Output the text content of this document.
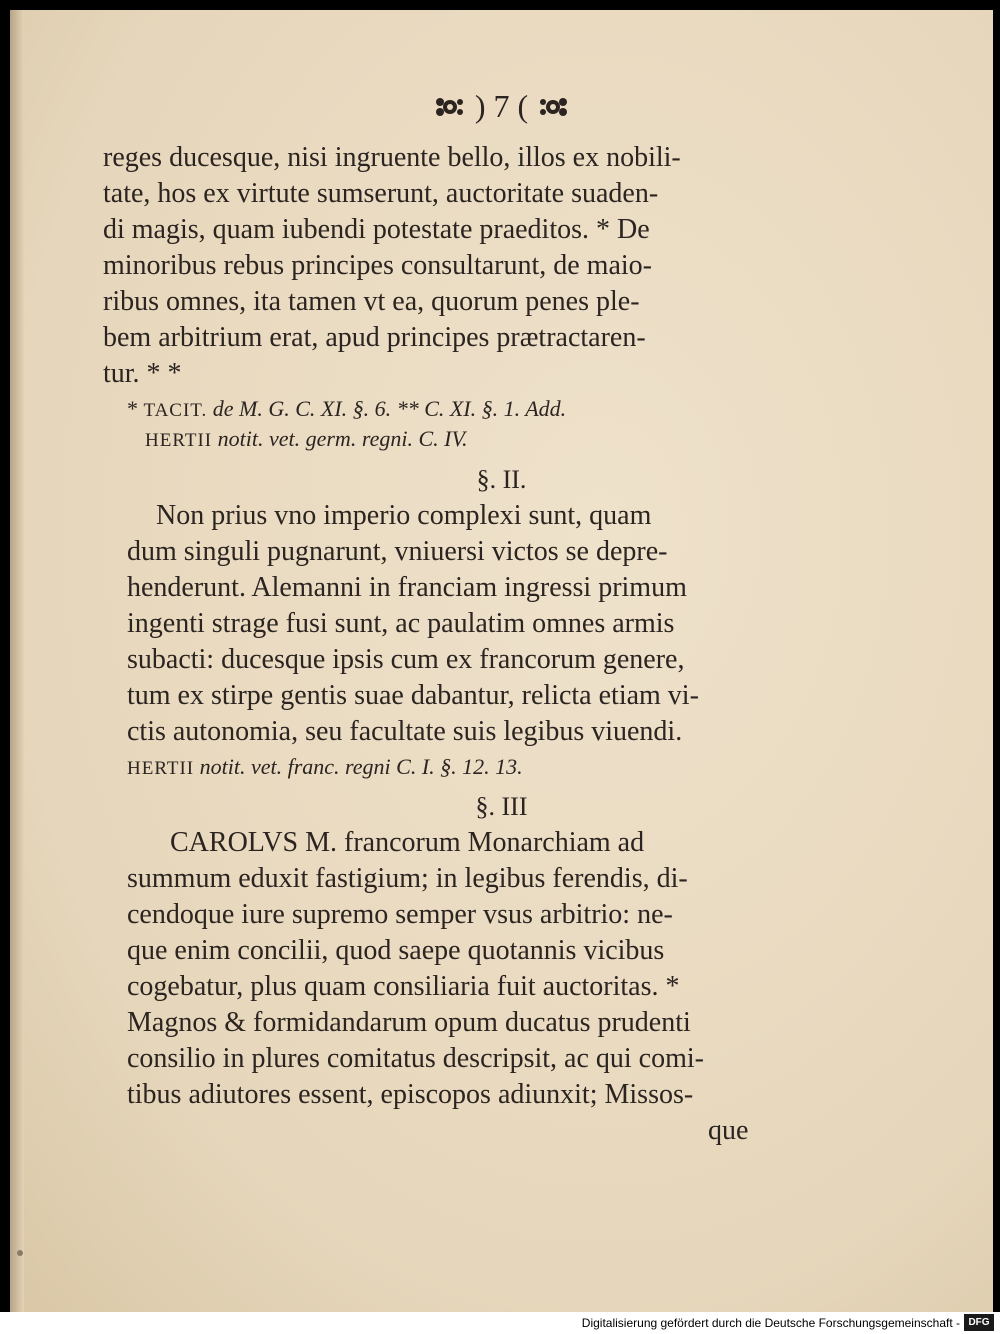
) 7 (
reges ducesque, nisi ingruente bello, illos ex nobili-
tate, hos ex virtute sumserunt, auctoritate suaden-
di magis, quam iubendi potestate praeditos. * De
minoribus rebus principes consultarunt, de maio-
ribus omnes, ita tamen vt ea, quorum penes ple-
bem arbitrium erat, apud principes prætractaren-
tur. * *
* TACIT. de M. G. C. XI. §. 6. ** C. XI. §. 1. Add.
HERTII notit. vet. germ. regni. C. IV.
§. II.
Non prius vno imperio complexi sunt, quam
dum singuli pugnarunt, vniuersi victos se depre-
henderunt. Alemanni in franciam ingressi primum
ingenti strage fusi sunt, ac paulatim omnes armis
subacti: ducesque ipsis cum ex francorum genere,
tum ex stirpe gentis suae dabantur, relicta etiam vi-
ctis autonomia, seu facultate suis legibus viuendi.
HERTII notit. vet. franc. regni C. I. §. 12. 13.
§. III
CAROLVS M. francorum Monarchiam ad
summum eduxit fastigium; in legibus ferendis, di-
cendoque iure supremo semper vsus arbitrio: ne-
que enim concilii, quod saepe quotannis vicibus
cogebatur, plus quam consiliaria fuit auctoritas. *
Magnos & formidandarum opum ducatus prudenti
consilio in plures comitatus descripsit, ac qui comi-
tibus adiutores essent, episcopos adiunxit; Missos-
que
Digitalisierung gefördert durch die Deutsche Forschungsgemeinschaft - DFG
